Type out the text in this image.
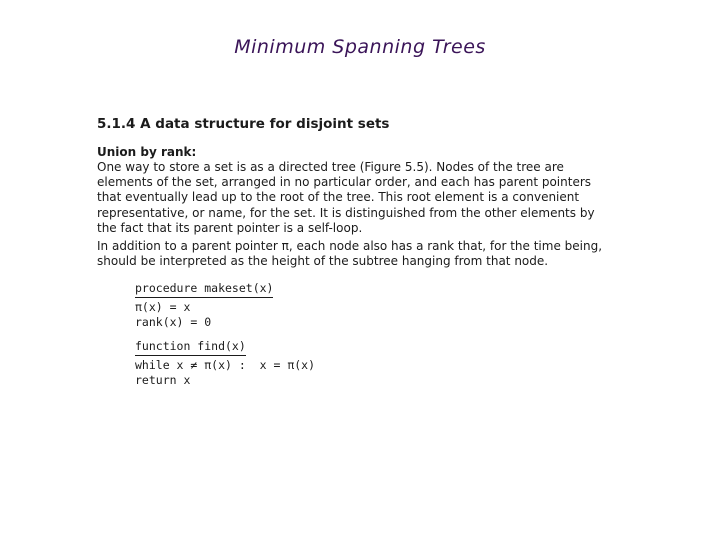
Minimum Spanning Trees
5.1.4 A data structure for disjoint sets
Union by rank:
One way to store a set is as a directed tree (Figure 5.5). Nodes of the tree are
elements of the set, arranged in no particular order, and each has parent pointers
that eventually lead up to the root of the tree. This root element is a convenient
representative, or name, for the set. It is distinguished from the other elements by
the fact that its parent pointer is a self-loop.
In addition to a parent pointer π, each node also has a rank that, for the time being,
should be interpreted as the height of the subtree hanging from that node.
procedure makeset(x)
π(x) = x
rank(x) = 0
function find(x)
while x ≠ π(x) :  x = π(x)
return x
